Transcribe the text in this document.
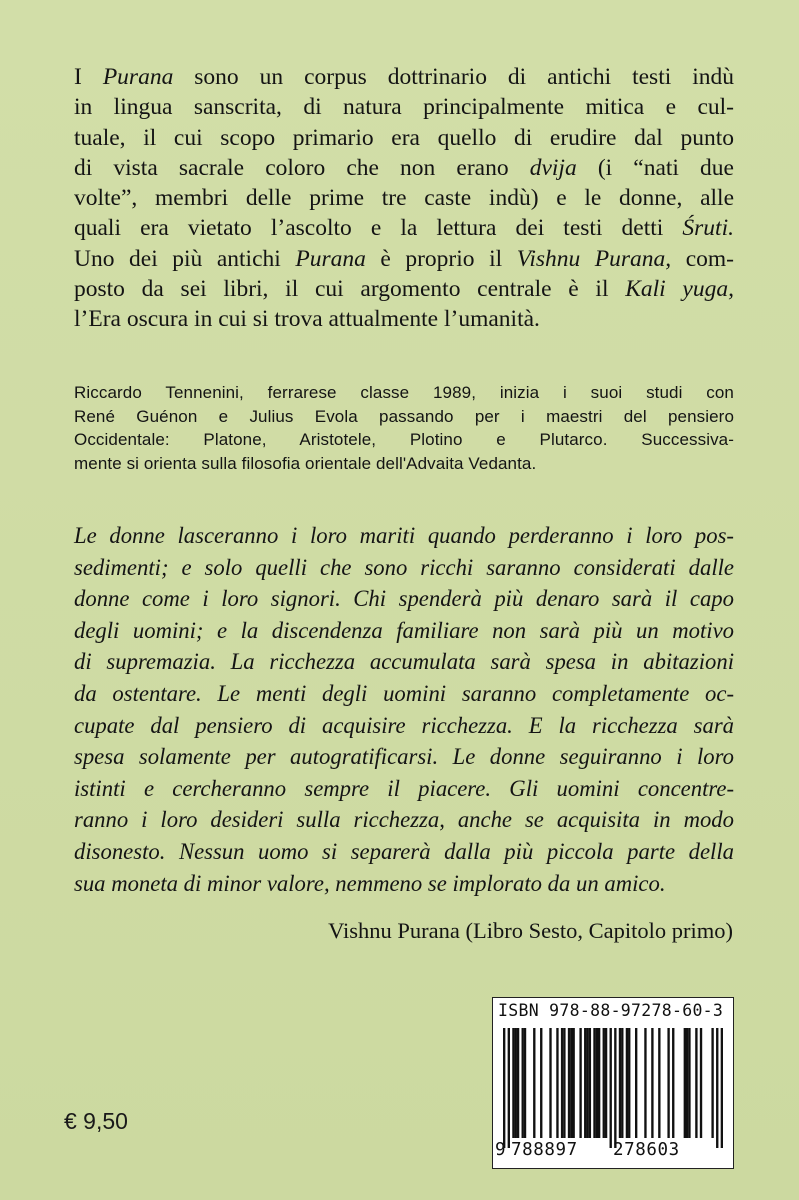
I Purana sono un corpus dottrinario di antichi testi indù
in lingua sanscrita, di natura principalmente mitica e cul-
tuale, il cui scopo primario era quello di erudire dal punto
di vista sacrale coloro che non erano dvija (i “nati due
volte”, membri delle prime tre caste indù) e le donne, alle
quali era vietato l’ascolto e la lettura dei testi detti Śruti.
Uno dei più antichi Purana è proprio il Vishnu Purana, com-
posto da sei libri, il cui argomento centrale è il Kali yuga,
l’Era oscura in cui si trova attualmente l’umanità.
Riccardo Tennenini, ferrarese classe 1989, inizia i suoi studi con
René Guénon e Julius Evola passando per i maestri del pensiero
Occidentale: Platone, Aristotele, Plotino e Plutarco. Successiva-
mente si orienta sulla filosofia orientale dell'Advaita Vedanta.
Le donne lasceranno i loro mariti quando perderanno i loro pos-
sedimenti; e solo quelli che sono ricchi saranno considerati dalle
donne come i loro signori. Chi spenderà più denaro sarà il capo
degli uomini; e la discendenza familiare non sarà più un motivo
di supremazia. La ricchezza accumulata sarà spesa in abitazioni
da ostentare. Le menti degli uomini saranno completamente oc-
cupate dal pensiero di acquisire ricchezza. E la ricchezza sarà
spesa solamente per autogratificarsi. Le donne seguiranno i loro
istinti e cercheranno sempre il piacere. Gli uomini concentre-
ranno i loro desideri sulla ricchezza, anche se acquisita in modo
disonesto. Nessun uomo si separerà dalla più piccola parte della
sua moneta di minor valore, nemmeno se implorato da un amico.
Vishnu Purana (Libro Sesto, Capitolo primo)
ISBN 978-88-97278-60-3
9 788897 278603
€ 9,50
